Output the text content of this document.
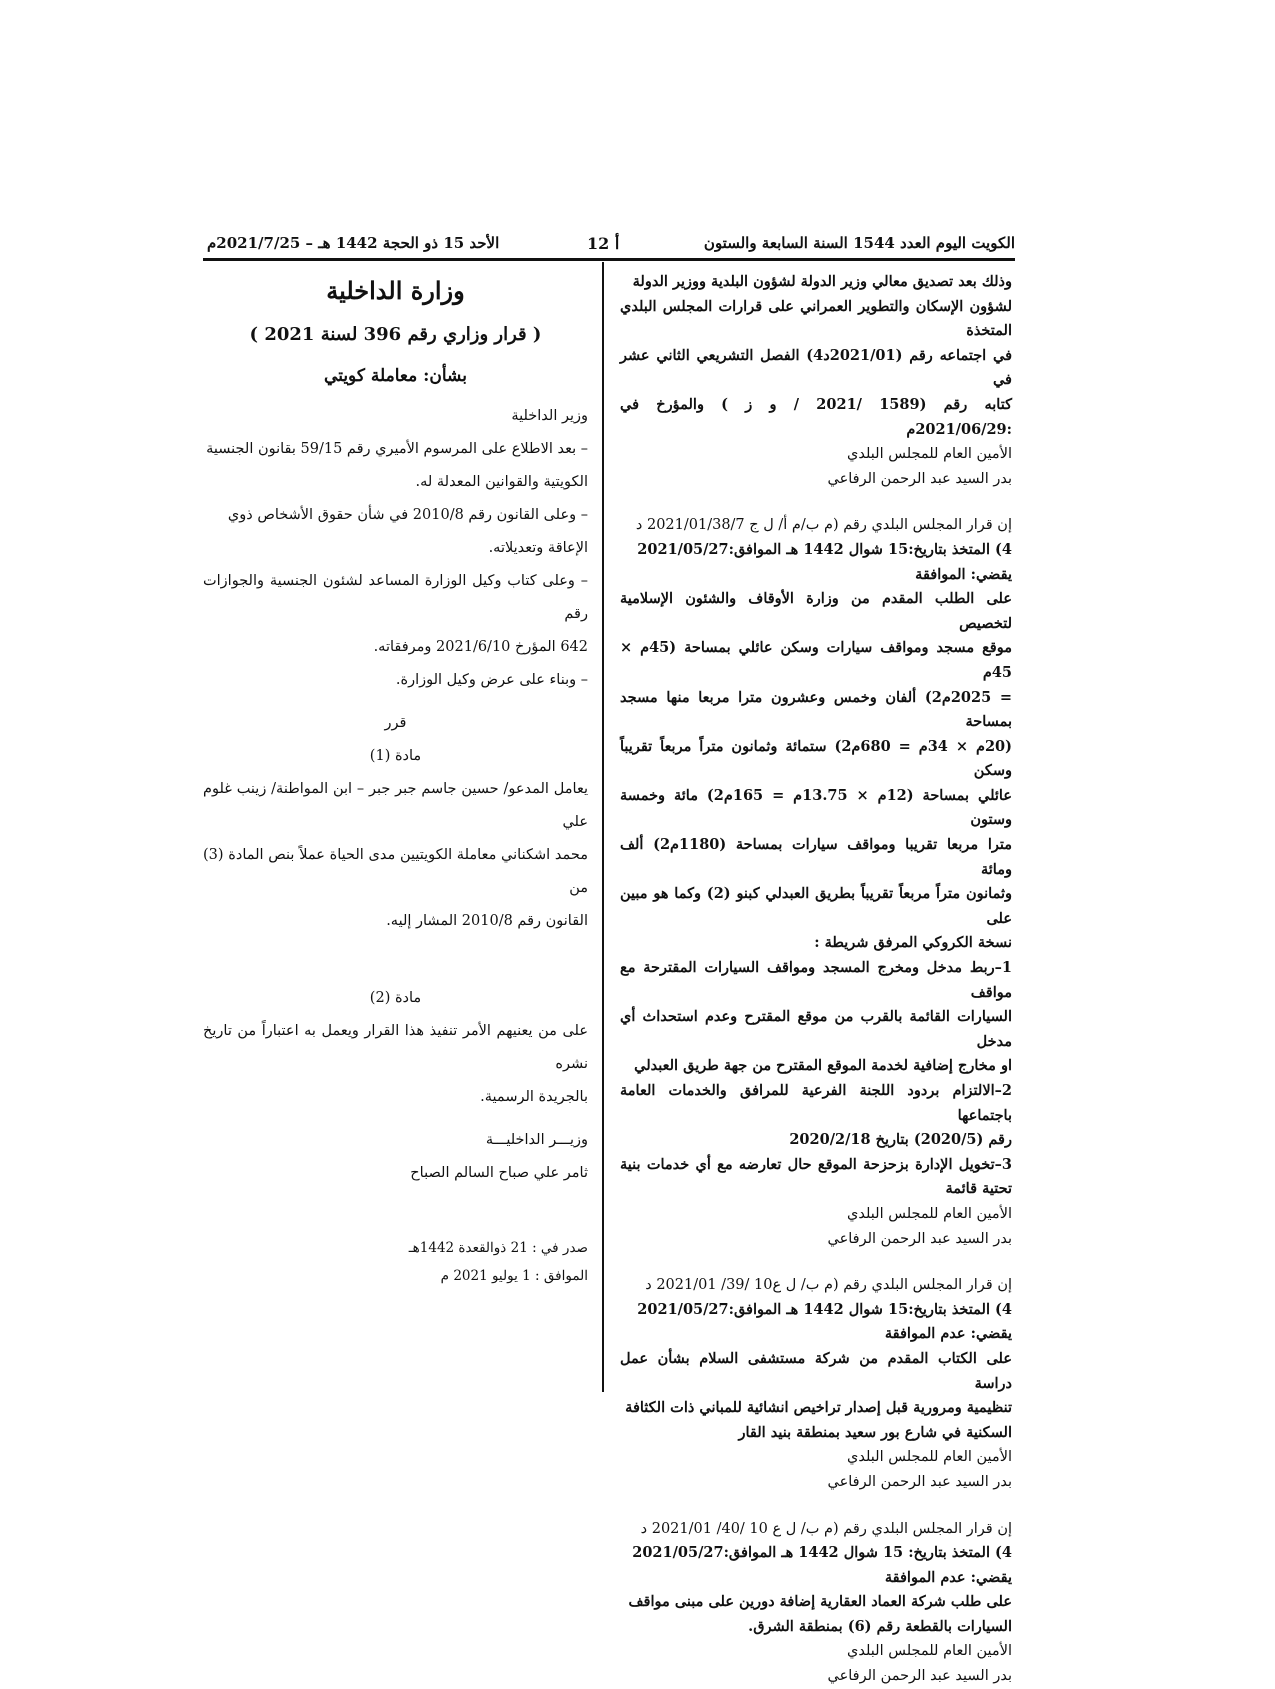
الكويت اليوم العدد 1544 السنة السابعة والستون
أ 12
الأحد 15 ذو الحجة 1442 هـ – 2021/7/25م

وذلك بعد تصديق معالي وزير الدولة لشؤون البلدية ووزير الدولة

لشؤون الإسكان والتطوير العمراني على قرارات المجلس البلدي المتخذة

في اجتماعه رقم (2021/01د4) الفصل التشريعي الثاني عشر في

كتابه رقم (1589 /2021 / و ز ) والمؤرخ في :2021/06/29م

الأمين العام للمجلس البلدي

بدر السيد عبد الرحمن الرفاعي

إن قرار المجلس البلدي رقم (م ب/م أ/ ل ج 2021/01/38/7 د

4) المتخذ بتاريخ:15 شوال 1442 هـ الموافق:2021/05/27

يقضي: الموافقة

على الطلب المقدم من وزارة الأوقاف والشئون الإسلامية لتخصيص

موقع مسجد ومواقف سيارات وسكن عائلي بمساحة (45م × 45م

= 2025م2) ألفان وخمس وعشرون مترا مربعا منها مسجد بمساحة

(20م × 34م = 680م2) ستمائة وثمانون متراً مربعاً تقريباً وسكن

عائلي بمساحة (12م × 13.75م = 165م2) مائة وخمسة وستون

مترا مربعا تقريبا ومواقف سيارات بمساحة (1180م2) ألف ومائة

وثمانون متراً مربعاً تقريباً بطريق العبدلي كبنو (2) وكما هو مبين على

نسخة الكروكي المرفق شريطة :

1–ربط مدخل ومخرج المسجد ومواقف السيارات المقترحة مع مواقف

السيارات القائمة بالقرب من موقع المقترح وعدم استحداث أي مدخل

او مخارج إضافية لخدمة الموقع المقترح من جهة طريق العبدلي

2–الالتزام بردود اللجنة الفرعية للمرافق والخدمات العامة باجتماعها

رقم (2020/5) بتاريخ 2020/2/18

3–تخويل الإدارة بزحزحة الموقع حال تعارضه مع أي خدمات بنية تحتية قائمة

الأمين العام للمجلس البلدي

بدر السيد عبد الرحمن الرفاعي

إن قرار المجلس البلدي رقم (م ب/ ل ع10 /39/ 2021/01 د

4) المتخذ بتاريخ:15 شوال 1442 هـ الموافق:2021/05/27

يقضي: عدم الموافقة

على الكتاب المقدم من شركة مستشفى السلام بشأن عمل دراسة

تنظيمية ومرورية قبل إصدار تراخيص انشائية للمباني ذات الكثافة

السكنية في شارع بور سعيد بمنطقة بنيد القار

الأمين العام للمجلس البلدي

بدر السيد عبد الرحمن الرفاعي

إن قرار المجلس البلدي رقم (م ب/ ل ع 10 /40/ 2021/01 د

4) المتخذ بتاريخ: 15 شوال 1442 هـ الموافق:2021/05/27

يقضي: عدم الموافقة

على طلب شركة العماد العقارية إضافة دورين على مبنى مواقف

السيارات بالقطعة رقم (6) بمنطقة الشرق.

الأمين العام للمجلس البلدي

بدر السيد عبد الرحمن الرفاعي

وزارة الداخلية
( قرار وزاري رقم 396 لسنة 2021 )
بشأن: معاملة كويتي

وزير الداخلية

– بعد الاطلاع على المرسوم الأميري رقم 59/15 بقانون الجنسية

الكويتية والقوانين المعدلة له.

– وعلى القانون رقم 2010/8 في شأن حقوق الأشخاص ذوي

الإعاقة وتعديلاته.

– وعلى كتاب وكيل الوزارة المساعد لشئون الجنسية والجوازات رقم

642 المؤرخ 2021/6/10 ومرفقاته.

– وبناء على عرض وكيل الوزارة.

قرر

مادة (1)

يعامل المدعو/ حسين جاسم جبر جبر – ابن المواطنة/ زينب غلوم علي

محمد اشكناني معاملة الكويتيين مدى الحياة عملاً بنص المادة (3) من

القانون رقم 2010/8 المشار إليه.

مادة (2)

على من يعنيهم الأمر تنفيذ هذا القرار ويعمل به اعتباراً من تاريخ نشره

بالجريدة الرسمية.

وزيـــر الداخليـــة

ثامر علي صباح السالم الصباح

صدر في : 21 ذوالقعدة 1442هـ

الموافق : 1 يوليو 2021 م
